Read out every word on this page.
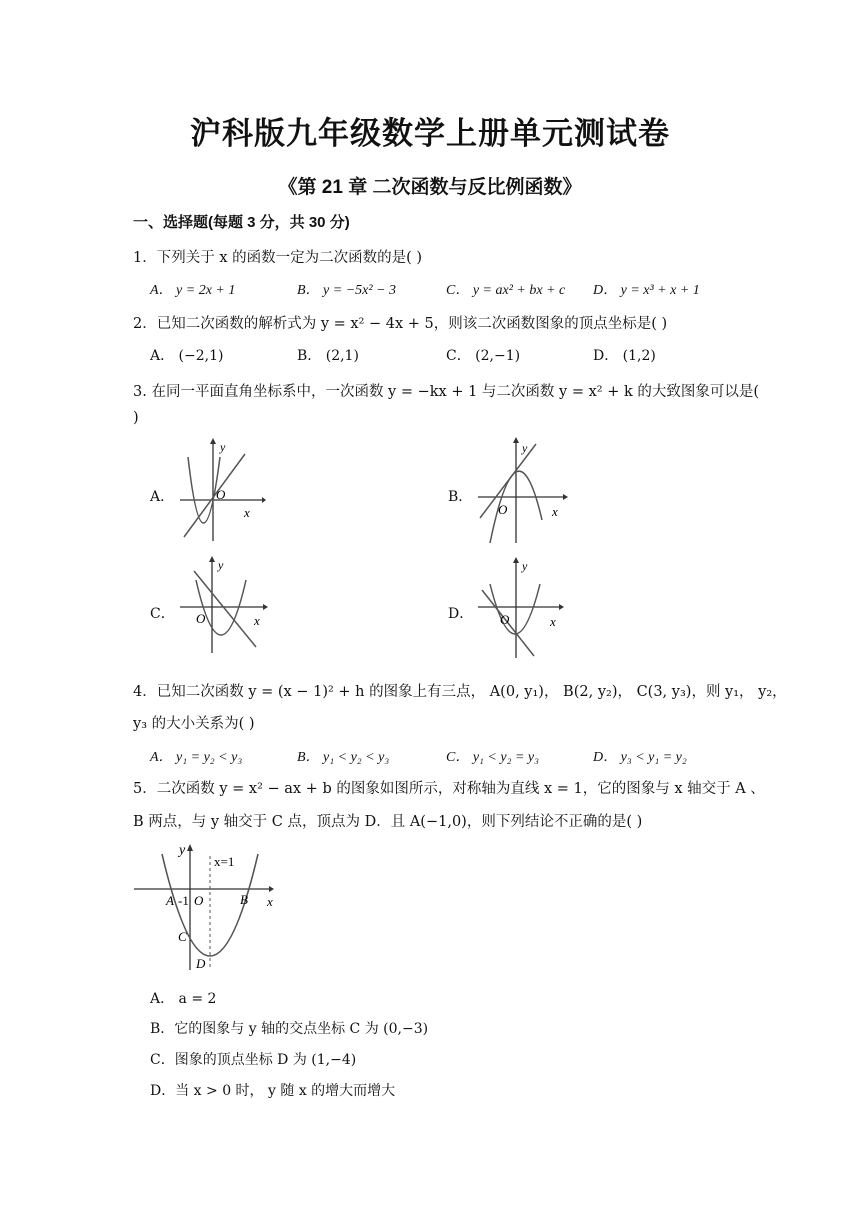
沪科版九年级数学上册单元测试卷
《第 21 章 二次函数与反比例函数》
一、选择题(每题 3 分，共 30 分)
1．下列关于 x 的函数一定为二次函数的是( )
A． y = 2x + 1	B． y = −5x² − 3	C． y = ax² + bx + c D． y = x³ + x + 1
2．已知二次函数的解析式为 y = x² − 4x + 5，则该二次函数图象的顶点坐标是( )
A． (−2,1)	B． (2,1)	C． (2,−1)	D． (1,2)
3. 在同一平面直角坐标系中，一次函数 y = −kx + 1 与二次函数 y = x² + k 的大致图象可以是(
)
A．	B．
C．	D．
y
O
x
y
O	x
y
O	x
y
O	x
4．已知二次函数 y = (x − 1)² + h 的图象上有三点， A(0, y₁)， B(2, y₂)， C(3, y₃)，则 y₁， y₂，
y₃ 的大小关系为( )
A． y₁ = y₂ < y₃	B． y₁ < y₂ < y₃	C． y₁ < y₂ = y₃	D． y₃ < y₁ = y₂
5．二次函数 y = x² − ax + b 的图象如图所示，对称轴为直线 x = 1，它的图象与 x 轴交于 A 、
B 两点，与 y 轴交于 C 点，顶点为 D．且 A(−1,0)，则下列结论不正确的是( )
y
x=1
A -1 O	B x
C
D
A． a = 2
B．它的图象与 y 轴的交点坐标 C 为 (0,−3)
C．图象的顶点坐标 D 为 (1,−4)
D．当 x > 0 时， y 随 x 的增大而增大
